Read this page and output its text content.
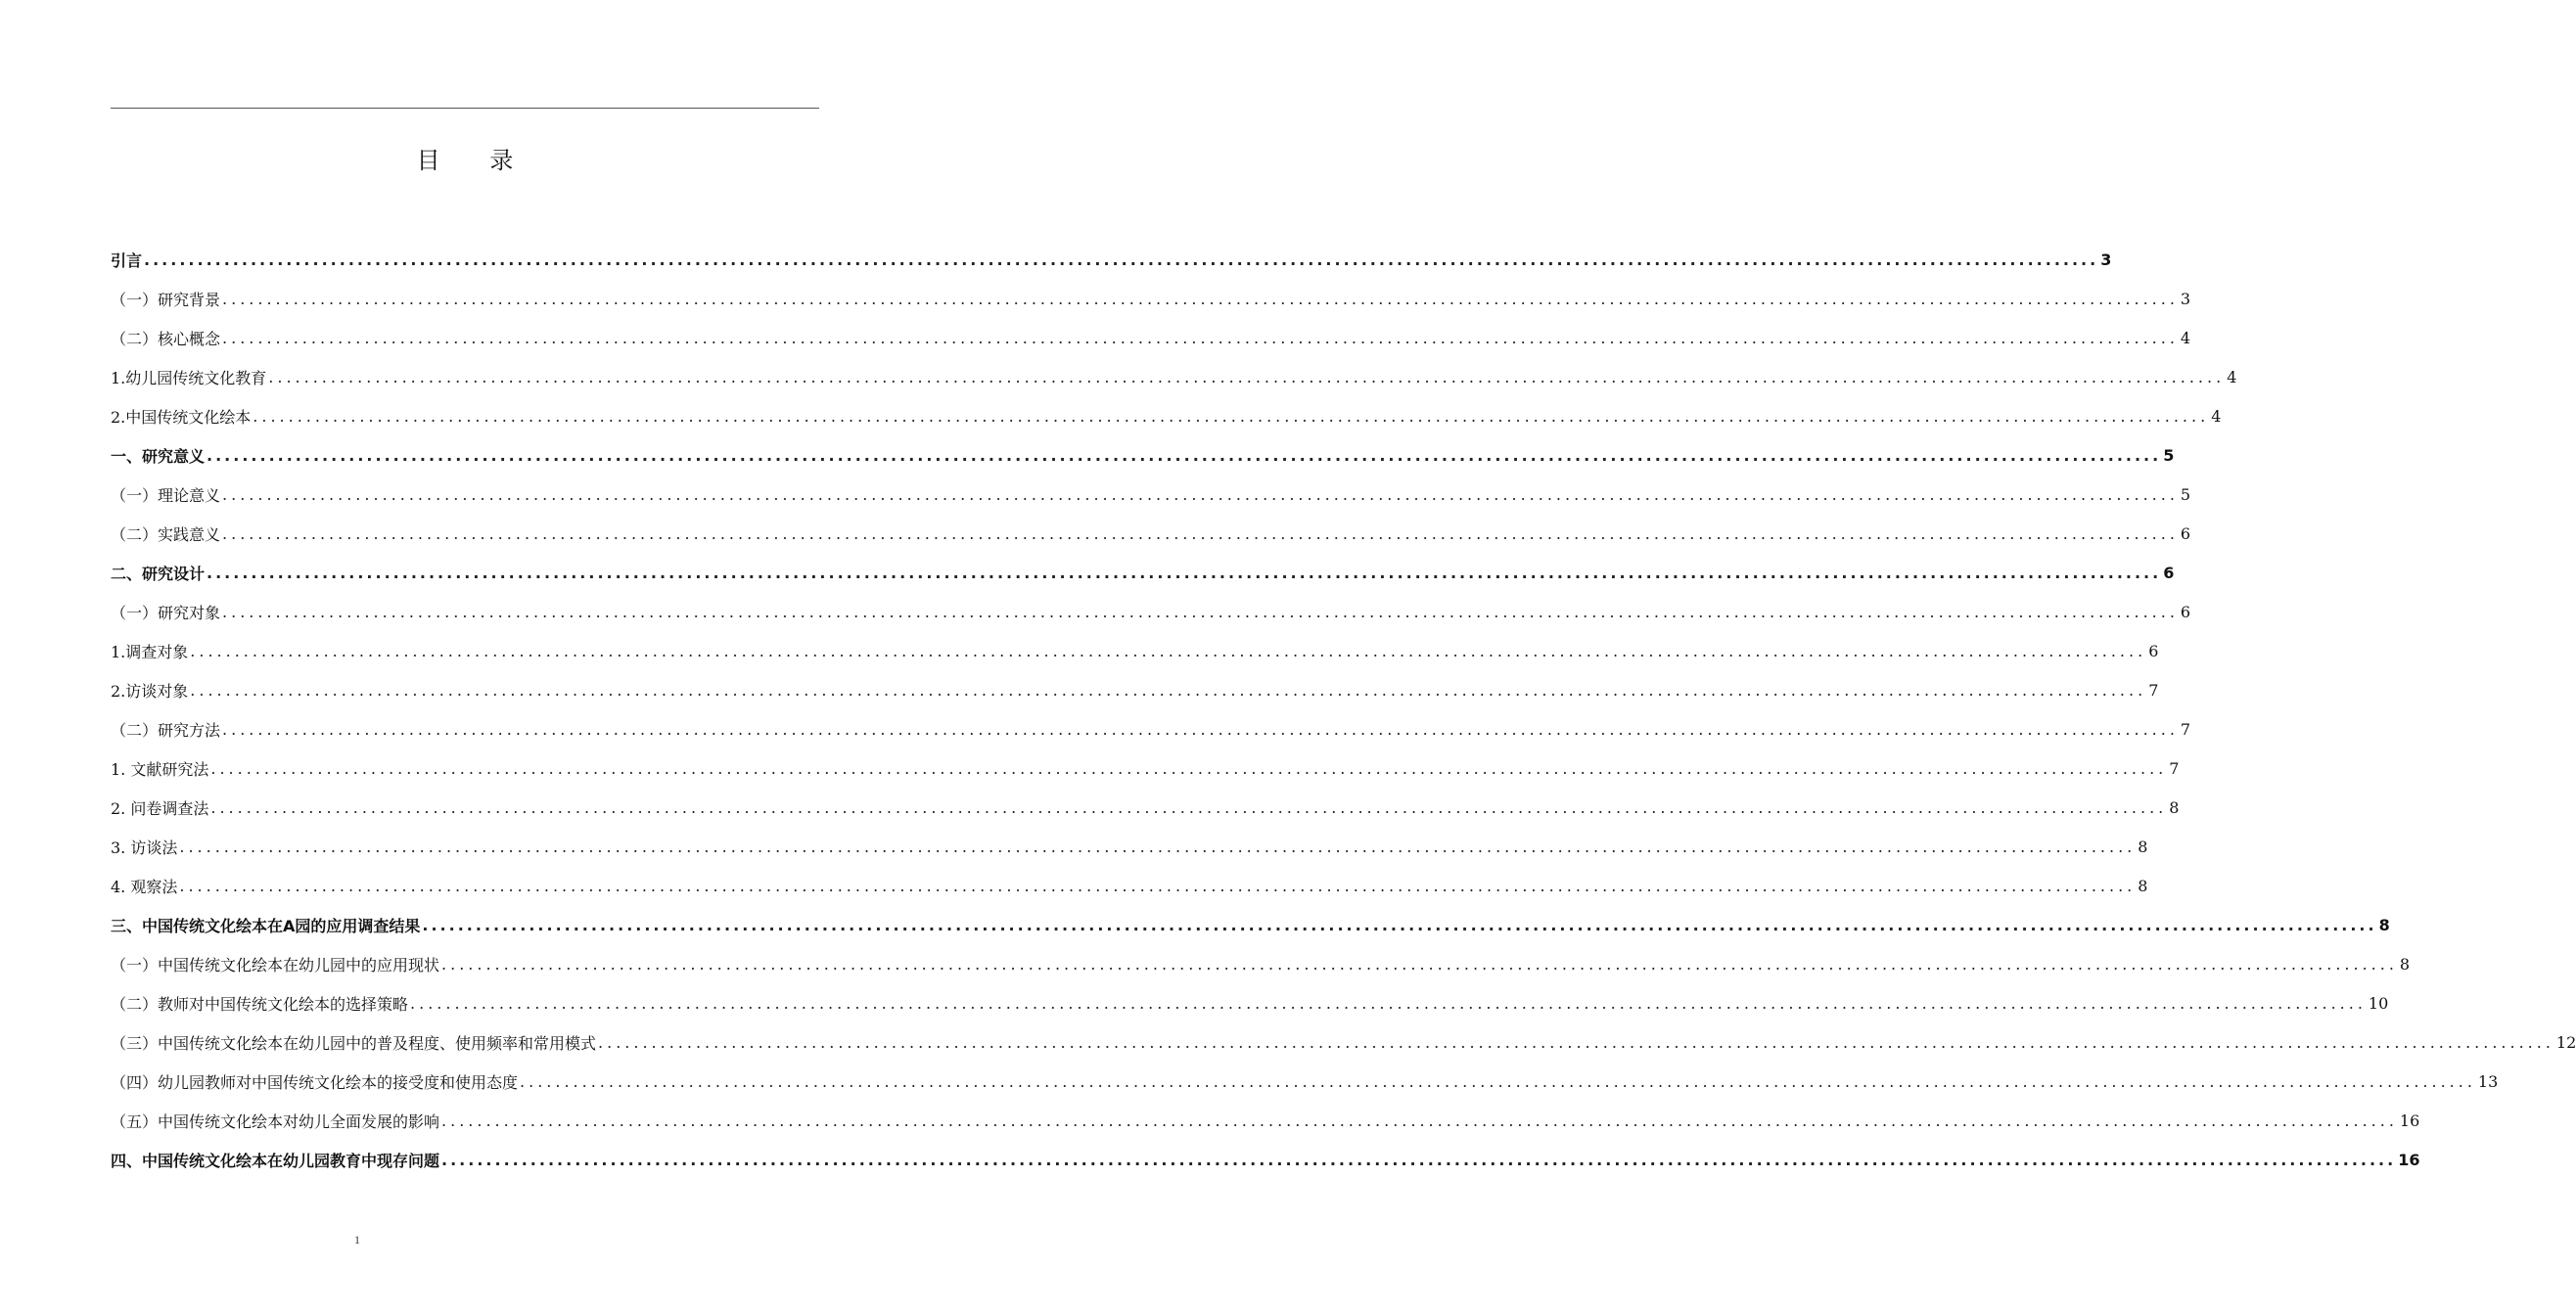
目 录
引言 ............................................................................................................................................................................................................................ 3
（一）研究背景 ............................................................................................................................................................................................................................ 3
（二）核心概念 ............................................................................................................................................................................................................................ 4
1.幼儿园传统文化教育 ............................................................................................................................................................................................................................ 4
2.中国传统文化绘本 ............................................................................................................................................................................................................................ 4
一、研究意义 ............................................................................................................................................................................................................................ 5
（一）理论意义 ............................................................................................................................................................................................................................ 5
（二）实践意义 ............................................................................................................................................................................................................................ 6
二、研究设计 ............................................................................................................................................................................................................................ 6
（一）研究对象 ............................................................................................................................................................................................................................ 6
1.调查对象 ............................................................................................................................................................................................................................ 6
2.访谈对象 ............................................................................................................................................................................................................................ 7
（二）研究方法 ............................................................................................................................................................................................................................ 7
1. 文献研究法 ............................................................................................................................................................................................................................ 7
2. 问卷调查法 ............................................................................................................................................................................................................................ 8
3. 访谈法 ............................................................................................................................................................................................................................ 8
4. 观察法 ............................................................................................................................................................................................................................ 8
三、中国传统文化绘本在A园的应用调查结果 ............................................................................................................................................................................................................................ 8
（一）中国传统文化绘本在幼儿园中的应用现状 ............................................................................................................................................................................................................................ 8
（二）教师对中国传统文化绘本的选择策略 ............................................................................................................................................................................................................................ 10
（三）中国传统文化绘本在幼儿园中的普及程度、使用频率和常用模式 ............................................................................................................................................................................................................................ 12
（四）幼儿园教师对中国传统文化绘本的接受度和使用态度 ............................................................................................................................................................................................................................ 13
（五）中国传统文化绘本对幼儿全面发展的影响 ............................................................................................................................................................................................................................ 16
四、中国传统文化绘本在幼儿园教育中现存问题 ............................................................................................................................................................................................................................ 16
1
